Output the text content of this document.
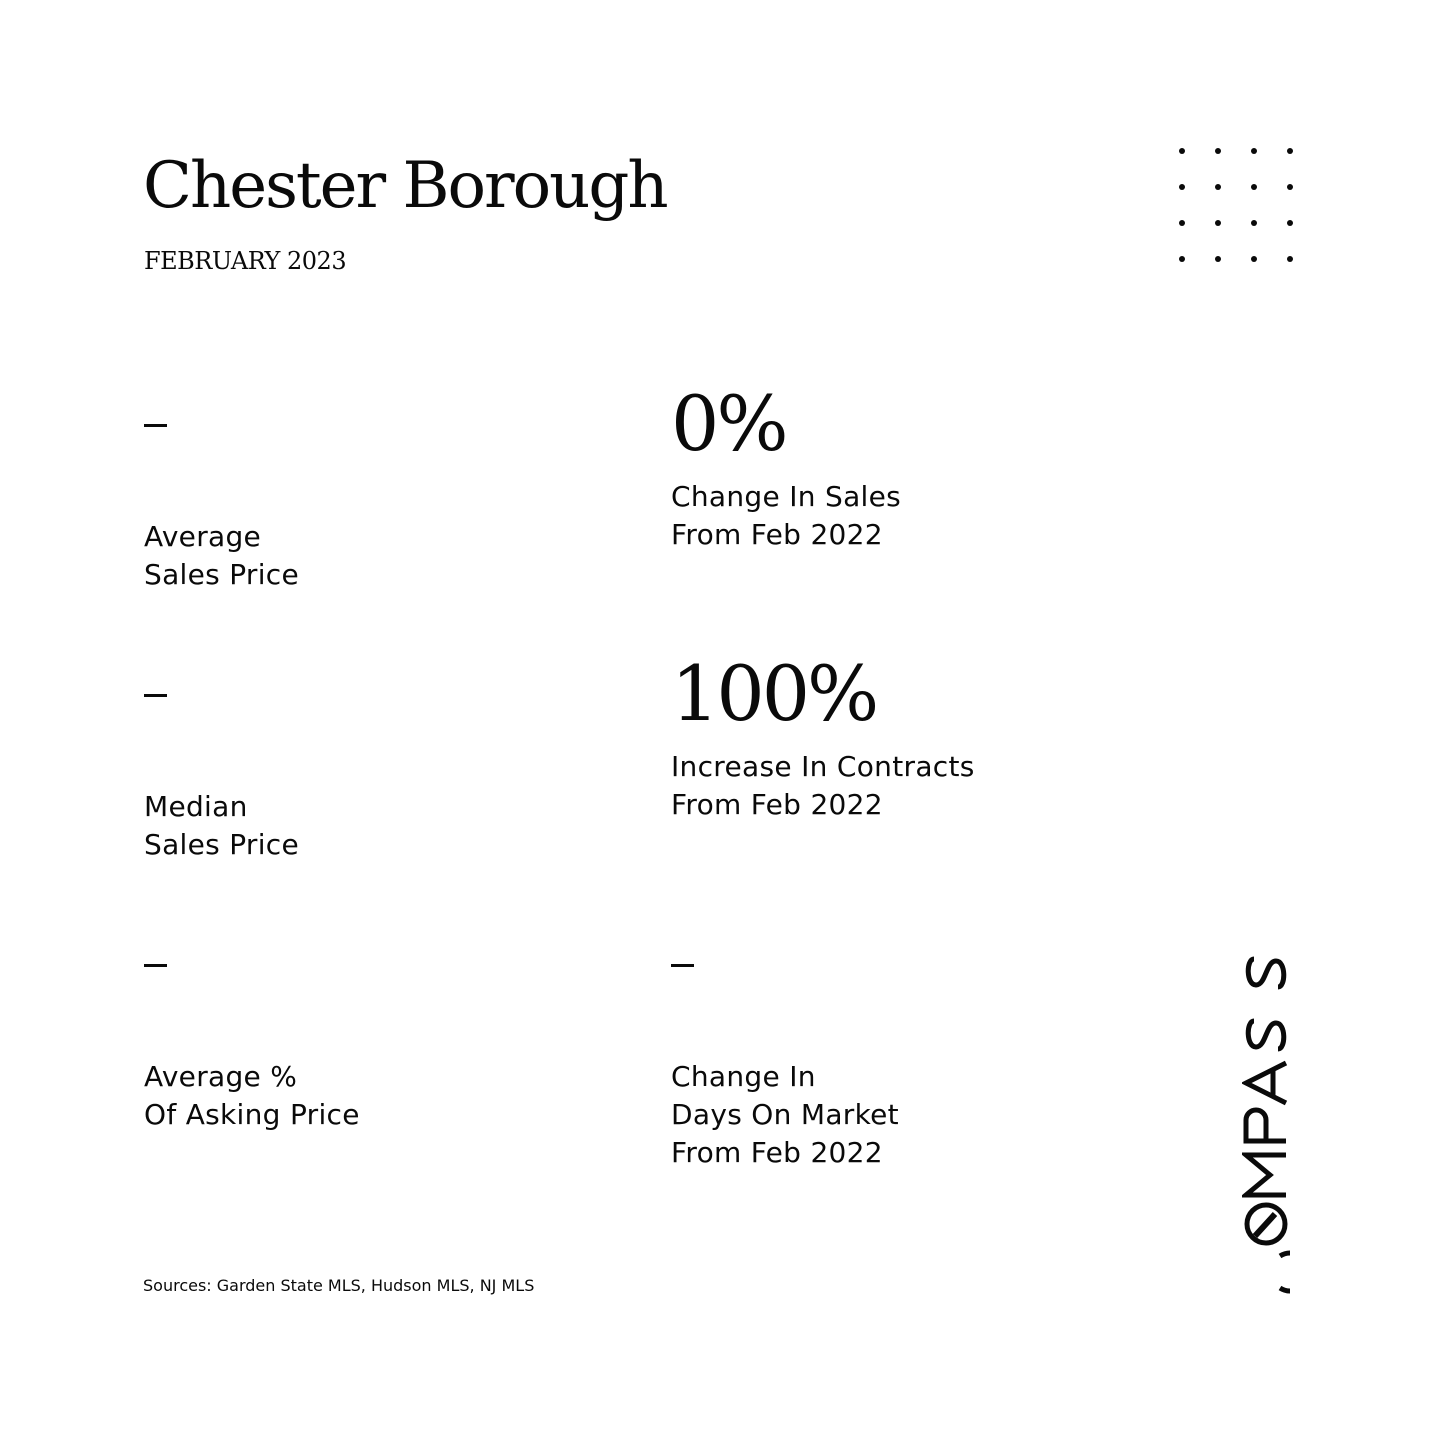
Chester Borough
FEBRUARY 2023
Average
Sales Price
0%
Change In Sales
From Feb 2022
Median
Sales Price
100%
Increase In Contracts
From Feb 2022
Average %
Of Asking Price
Change In
Days On Market
From Feb 2022
Sources: Garden State MLS, Hudson MLS, NJ MLS
